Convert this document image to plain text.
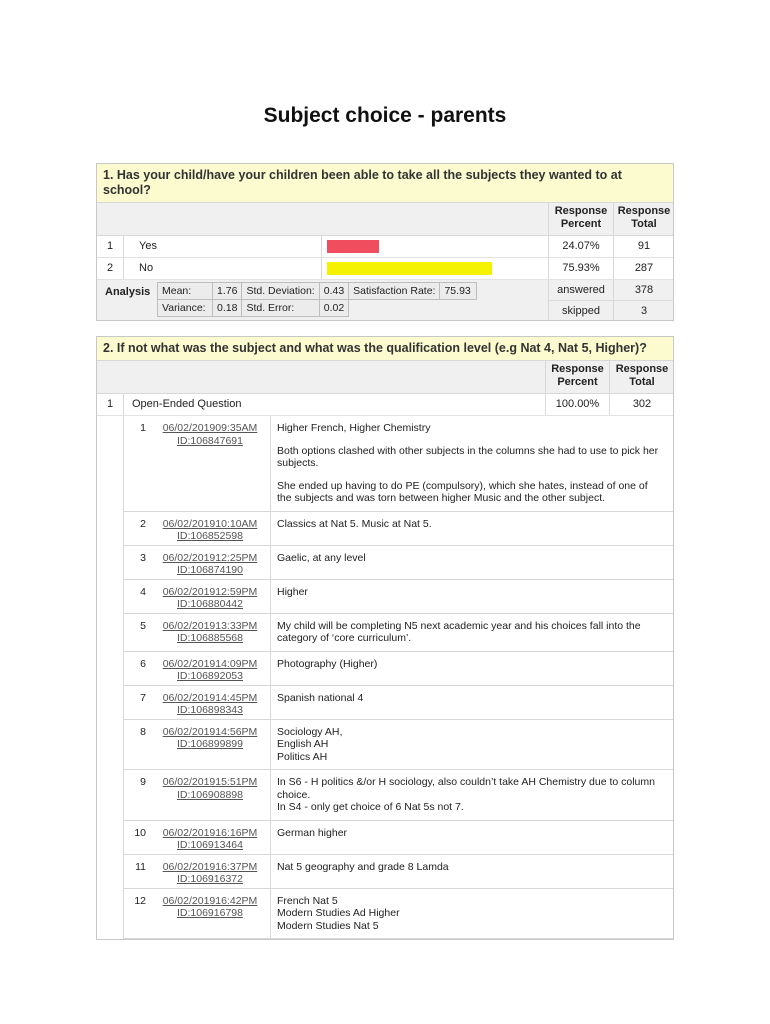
Subject choice - parents
1. Has your child/have your children been able to take all the subjects they wanted to at school?
Response Percent
Response Total
1	Yes	24.07%	91
2	No	75.93%	287
Analysis Mean:	1.76	Std. Deviation:	0.43	Satisfaction Rate:	75.93
Variance:	0.18	Std. Error:	0.02		
answered	378
skipped	3
2. If not what was the subject and what was the qualification level (e.g Nat 4, Nat 5, Higher)?
Response Percent
Response Total
1	Open-Ended Question	100.00%	302
1	06/02/201909:35AM
ID:106847691

Higher French, Higher Chemistry

Both options clashed with other subjects in the columns she had to use to pick her subjects.

She ended up having to do PE (compulsory), which she hates, instead of one of the subjects and was torn between higher Music and the other subject.

2	06/02/201910:10AM
ID:106852598

Classics at Nat 5. Music at Nat 5.

3	06/02/201912:25PM
ID:106874190

Gaelic, at any level

4	06/02/201912:59PM
ID:106880442

Higher

5	06/02/201913:33PM
ID:106885568

My child will be completing N5 next academic year and his choices fall into the category of ‘core curriculum’.

6	06/02/201914:09PM
ID:106892053

Photography (Higher)

7	06/02/201914:45PM
ID:106898343

Spanish national 4

8	06/02/201914:56PM
ID:106899899
Sociology AH,
English AH
Politics AH
9	06/02/201915:51PM
ID:106908898
In S6 - H politics &/or H sociology, also couldn’t take AH Chemistry due to column choice.
In S4 - only get choice of 6 Nat 5s not 7.
10	06/02/201916:16PM
ID:106913464

German higher

11	06/02/201916:37PM
ID:106916372

Nat 5 geography and grade 8 Lamda

12	06/02/201916:42PM
ID:106916798
French Nat 5
Modern Studies Ad Higher
Modern Studies Nat 5
